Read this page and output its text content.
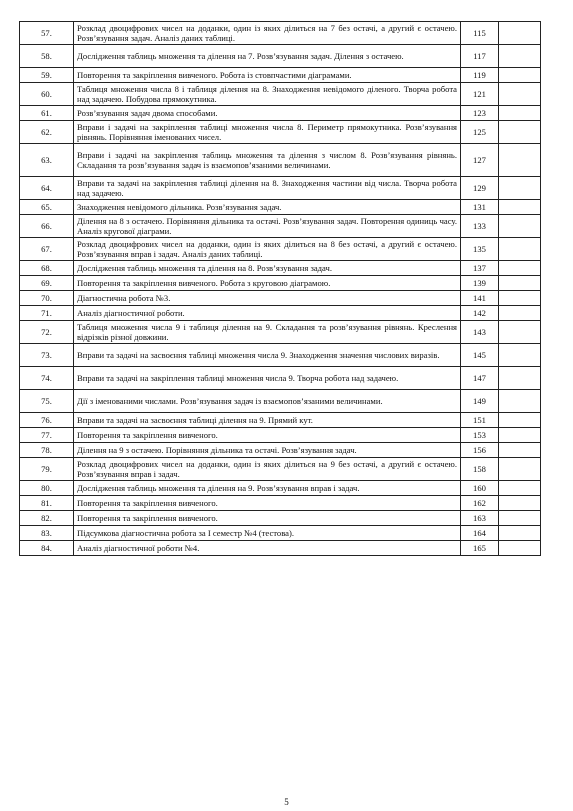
57.	Розклад двоцифрових чисел на доданки, один із яких ділиться на 7 без остачі, а другий є остачею. Розв’язування задач. Аналіз даних таблиці.	115	
58.	Дослідження таблиць множення та ділення на 7. Розв’язування задач. Ділення з остачею.	117	
59.	Повторення та закріплення вивченого. Робота із стовпчастими діаграмами.	119	
60.	Таблиця множення числа 8 і таблиця ділення на 8. Знаходження невідомого діленого. Творча робота над задачею. Побудова прямокутника.	121	
61.	Розв’язування задач двома способами.	123	
62.	Вправи і задачі на закріплення таблиці множення числа 8. Периметр прямокутника. Розв’язування рівнянь. Порівняння іменованих чисел.	125	
63.	Вправи і задачі на закріплення таблиць множення та ділення з числом 8. Розв’язування рівнянь. Складання та розв’язування задач із взаємопов’язаними величинами.	127	
64.	Вправи та задачі на закріплення таблиці ділення на 8. Знаходження частини від числа. Творча робота над задачею.	129	
65.	Знаходження невідомого дільника. Розв’язування задач.	131	
66.	Ділення на 8 з остачею. Порівняння дільника та остачі. Розв’язування задач. Повторення одиниць часу. Аналіз кругової діаграми.	133	
67.	Розклад двоцифрових чисел на доданки, один із яких ділиться на 8 без остачі, а другий є остачею. Розв’язування вправ і задач. Аналіз даних таблиці.	135	
68.	Дослідження таблиць множення та ділення на 8. Розв’язування задач.	137	
69.	Повторення та закріплення вивченого. Робота з круговою діаграмою.	139	
70.	Діагностична робота №3.	141	
71.	Аналіз діагностичної роботи.	142	
72.	Таблиця множення числа 9 і таблиця ділення на 9. Складання та розв’язування рівнянь. Креслення відрізків різної довжини.	143	
73.	Вправи та задачі на засвоєння таблиці множення числа 9. Знаходження значення числових виразів.	145	
74.	Вправи та задачі на закріплення таблиці множення числа 9. Творча робота над задачею.	147	
75.	Дії з іменованими числами. Розв’язування задач із взаємопов’язаними величинами.	149	
76.	Вправи та задачі на засвоєння таблиці ділення на 9. Прямий кут.	151	
77.	Повторення та закріплення вивченого.	153	
78.	Ділення на 9 з остачею. Порівняння дільника та остачі. Розв’язування задач.	156	
79.	Розклад двоцифрових чисел на доданки, один із яких ділиться на 9 без остачі, а другий є остачею. Розв’язування вправ і задач.	158	
80.	Дослідження таблиць множення та ділення на 9. Розв’язування вправ і задач.	160	
81.	Повторення та закріплення вивченого.	162	
82.	Повторення та закріплення вивченого.	163	
83.	Підсумкова діагностична робота за І семестр №4 (тестова).	164	
84.	Аналіз діагностичної роботи №4.	165	
5
